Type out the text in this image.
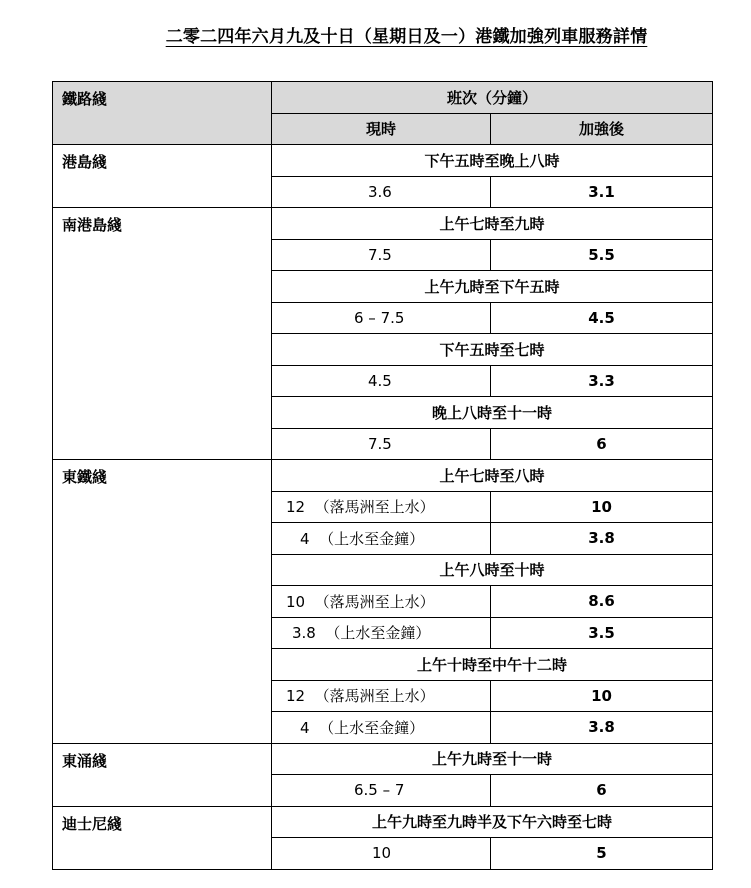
二零二四年六月九及十日（星期日及一）港鐵加強列車服務詳情
鐵路綫	班次（分鐘）	
	現時	加強後
港島綫	下午五時至晚上八時	
	3.6	3.1
南港島綫	上午七時至九時	
	7.5	5.5
	上午九時至下午五時	
	6 – 7.5	4.5
	下午五時至七時	
	4.5	3.3
	晚上八時至十一時	
	7.5	6
東鐵綫	上午七時至八時	
	12  （落馬洲至上水）	10
	4  （上水至金鐘）	3.8
	上午八時至十時	
	10  （落馬洲至上水）	8.6
	3.8  （上水至金鐘）	3.5
	上午十時至中午十二時	
	12  （落馬洲至上水）	10
	4  （上水至金鐘）	3.8
東涌綫	上午九時至十一時	
	6.5 – 7	6
迪士尼綫	上午九時至九時半及下午六時至七時	
	10	5
